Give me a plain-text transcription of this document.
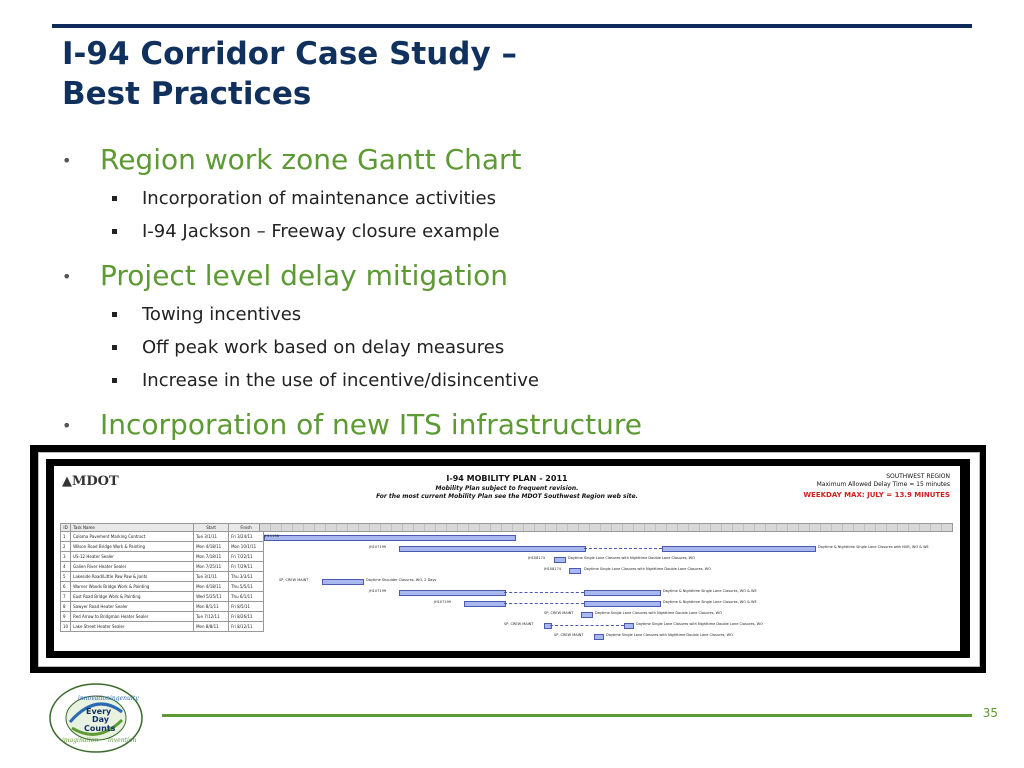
I-94 Corridor Case Study –
Best Practices
•	Region work zone Gantt Chart
Incorporation of maintenance activities
I-94 Jackson – Freeway closure example
•	Project level delay mitigation
Towing incentives
Off peak work based on delay measures
Increase in the use of incentive/disincentive
•	Incorporation of new ITS infrastructure
▲MDOT	I-94 MOBILITY PLAN - 2011
Mobility Plan subject to frequent revision.
For the most current Mobility Plan see the MDOT Southwest Region web site.
SOUTHWEST REGION
Maximum Allowed Delay Time = 15 minutes
WEEKDAY MAX: JULY = 13.9 MINUTES
ID	Task Name	Start	Finish
1	Coloma Pavement Marking Contract	Tue 3/1/11	Fri 3/24/11
2	Wilson Road Bridge Work & Painting	Mon 4/18/11	Mon 10/1/11
3	US-12 Heater Sealer	Mon 7/18/11	Fri 7/22/11
4	Galien River Heater Sealer	Mon 7/25/11	Fri 7/29/11
5	Lakeside Road/Little Paw Paw & Jonts	Tue 3/1/11	Thu 3/3/11
6	Warner Woods Bridge Work & Painting	Mon 4/18/11	Thu 5/5/11
7	East Road Bridge Work & Painting	Wed 5/25/11	Thu 6/1/11
8	Sawyer Road Heater Sealer	Mon 8/1/11	Fri 8/5/11
9	Red Arrow to Bridgman Heater Sealer	Tue 7/12/11	Fri 8/26/11
10	Lake Street Heater Sealer	Mon 8/8/11	Fri 8/12/11
JH11138
JH107199	Daytime & Nighttime Single Lane Closures with NVR, WO & WE
JH108174	Daytime Single Lane Closures with Nighttime Double Lane Closures, WO
JH108174	Daytime Single Lane Closures with Nighttime Double Lane Closures, WO
SP, CREW MAINT	Daytime Shoulder Closures, WO, 2 Days
JH107199	Daytime & Nighttime Single Lane Closures, WO & WE
JH107199	Daytime & Nighttime Single Lane Closures, WO & WE
SP, CREW MAINT	Daytime Single Lane Closures with Nighttime Double Lane Closures, WO
SP, CREW MAINT	Daytime Single Lane Closures with Nighttime Double Lane Closures, WO
SP, CREW MAINT	Daytime Single Lane Closures with Nighttime Double Lane Closures, WO
innovation ingenuity
imagination invention
Every
Day
Counts
35
